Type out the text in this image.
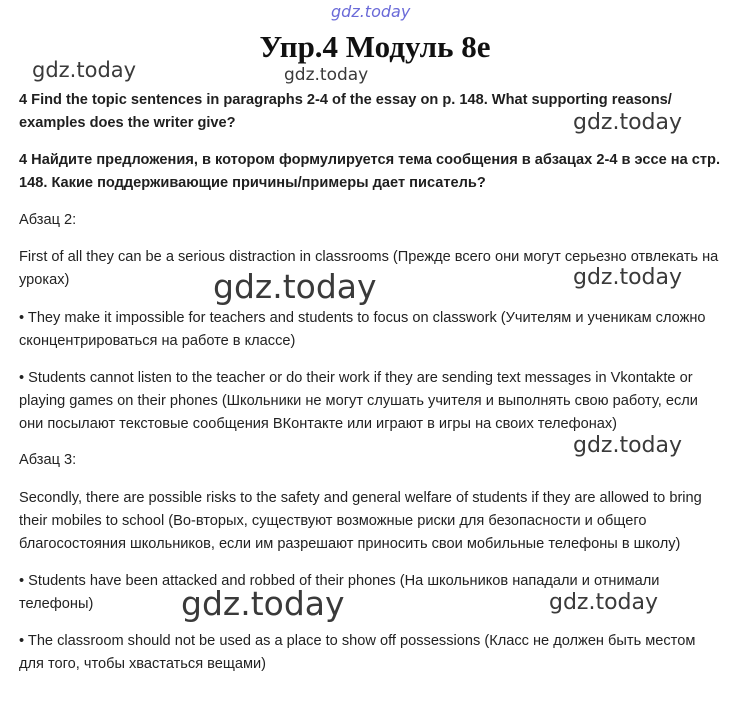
gdz.today
Упр.4 Модуль 8е
gdz.today	gdz.today

4 Find the topic sentences in paragraphs 2-4 of the essay on p. 148. What supporting reasons/ examples does the writer give?	gdz.today

4 Найдите предложения, в котором формулируется тема сообщения в абзацах 2-4 в эссе на стр. 148. Какие поддерживающие причины/примеры дает писатель?

Абзац 2:

First of all they can be a serious distraction in classrooms (Прежде всего они могут серьезно отвлекать на уроках)	gdz.today
gdz.today

• They make it impossible for teachers and students to focus on classwork (Учителям и ученикам сложно сконцентрироваться на работе в классе)

• Students cannot listen to the teacher or do their work if they are sending text messages in Vkontakte or playing games on their phones (Школьники не могут слушать учителя и выполнять свою работу, если они посылают текстовые сообщения ВКонтакте или играют в игры на своих телефонах)

gdz.today

Абзац 3:

Secondly, there are possible risks to the safety and general welfare of students if they are allowed to bring their mobiles to school (Во-вторых, существуют возможные риски для безопасности и общего благосостояния школьников, если им разрешают приносить свои мобильные телефоны в школу)

• Students have been attacked and robbed of their phones (На школьников нападали и отнимали телефоны)	gdz.today	gdz.today

• The classroom should not be used as a place to show off possessions (Класс не должен быть местом для того, чтобы хвастаться вещами)
